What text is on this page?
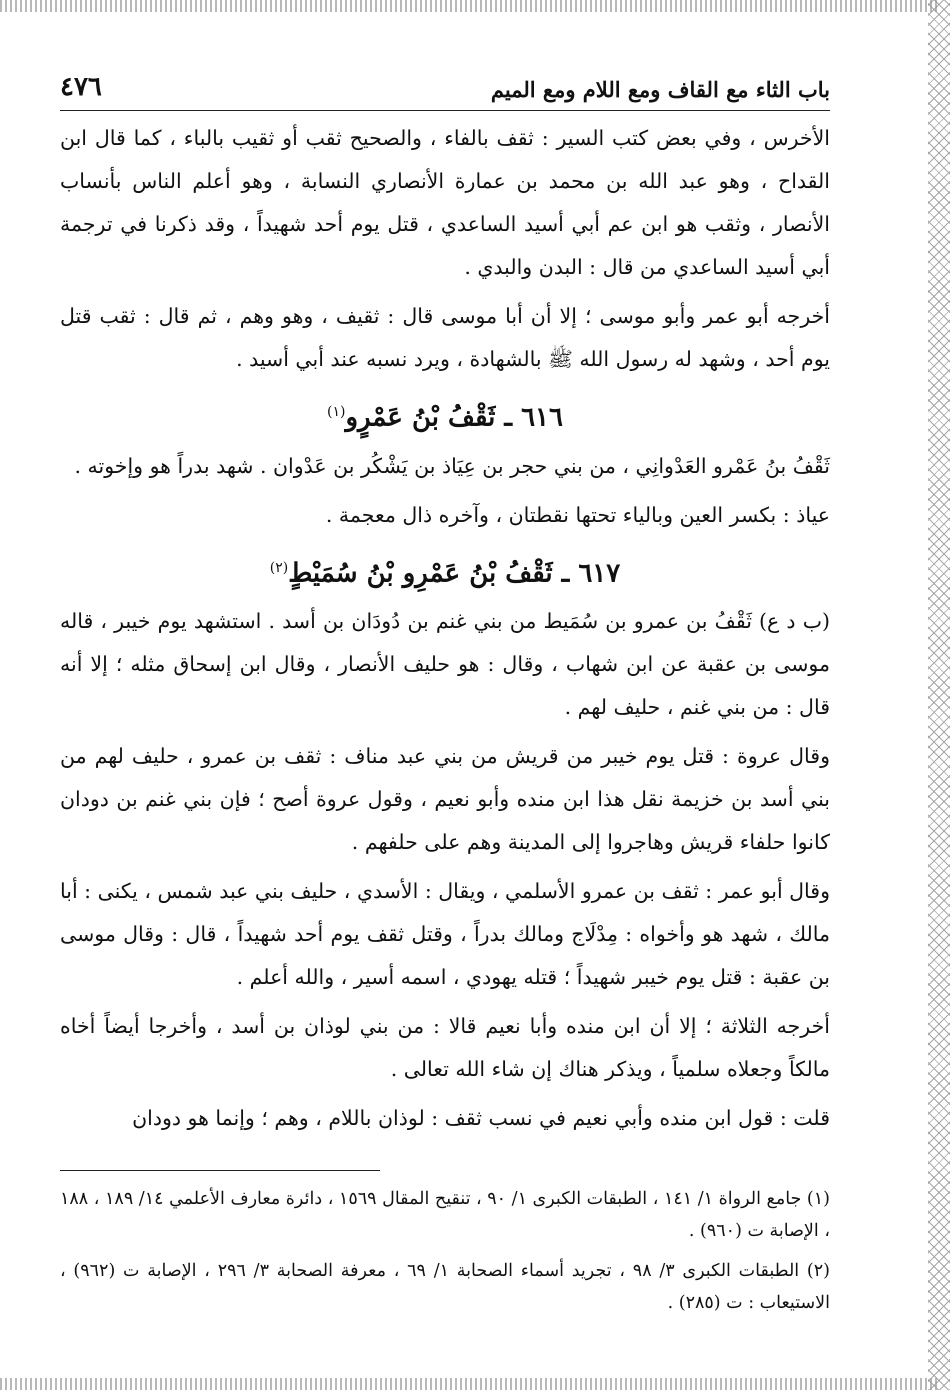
باب الثاء مع القاف ومع اللام ومع الميم
٤٧٦

الأخرس ، وفي بعض كتب السير : ثقف بالفاء ، والصحيح ثقب أو ثقيب بالباء ، كما قال ابن القداح ، وهو عبد الله بن محمد بن عمارة الأنصاري النسابة ، وهو أعلم الناس بأنساب الأنصار ، وثقب هو ابن عم أبي أسيد الساعدي ، قتل يوم أحد شهيداً ، وقد ذكرنا في ترجمة أبي أسيد الساعدي من قال : البدن والبدي .

أخرجه أبو عمر وأبو موسى ؛ إلا أن أبا موسى قال : ثقيف ، وهو وهم ، ثم قال : ثقب قتل يوم أحد ، وشهد له رسول الله ﷺ بالشهادة ، ويرد نسبه عند أبي أسيد .

٦١٦ ـ ثَقْفُ بْنُ عَمْرٍو$^{(١)}$

ثَقْفُ بنُ عَمْرو العَدْوانِي ، من بني حجر بن عِيَاذ بن يَشْكُر بن عَدْوان . شهد بدراً هو وإخوته .

عياذ : بكسر العين وبالياء تحتها نقطتان ، وآخره ذال معجمة .

٦١٧ ـ ثَقْفُ بْنُ عَمْرِو بْنُ سُمَيْطٍ$^{(٢)}$

(ب د ع) ثَقْفُ بن عمرو بن سُمَيط من بني غنم بن دُودَان بن أسد . استشهد يوم خيبر ، قاله موسى بن عقبة عن ابن شهاب ، وقال : هو حليف الأنصار ، وقال ابن إسحاق مثله ؛ إلا أنه قال : من بني غنم ، حليف لهم .

وقال عروة : قتل يوم خيبر من قريش من بني عبد مناف : ثقف بن عمرو ، حليف لهم من بني أسد بن خزيمة نقل هذا ابن منده وأبو نعيم ، وقول عروة أصح ؛ فإن بني غنم بن دودان كانوا حلفاء قريش وهاجروا إلى المدينة وهم على حلفهم .

وقال أبو عمر : ثقف بن عمرو الأسلمي ، ويقال : الأسدي ، حليف بني عبد شمس ، يكنى : أبا مالك ، شهد هو وأخواه : مِدْلَاج ومالك بدراً ، وقتل ثقف يوم أحد شهيداً ، قال : وقال موسى بن عقبة : قتل يوم خيبر شهيداً ؛ قتله يهودي ، اسمه أسير ، والله أعلم .

أخرجه الثلاثة ؛ إلا أن ابن منده وأبا نعيم قالا : من بني لوذان بن أسد ، وأخرجا أيضاً أخاه مالكاً وجعلاه سلمياً ، ويذكر هناك إن شاء الله تعالى .

قلت : قول ابن منده وأبي نعيم في نسب ثقف : لوذان باللام ، وهم ؛ وإنما هو دودان

(١) جامع الرواة ١/ ١٤١ ، الطبقات الكبرى ١/ ٩٠ ، تنقيح المقال ١٥٦٩ ، دائرة معارف الأعلمي ١٤/ ١٨٩ ، ١٨٨ ، الإصابة ت (٩٦٠) .

(٢) الطبقات الكبرى ٣/ ٩٨ ، تجريد أسماء الصحابة ١/ ٦٩ ، معرفة الصحابة ٣/ ٢٩٦ ، الإصابة ت (٩٦٢) ، الاستيعاب : ت (٢٨٥) .
